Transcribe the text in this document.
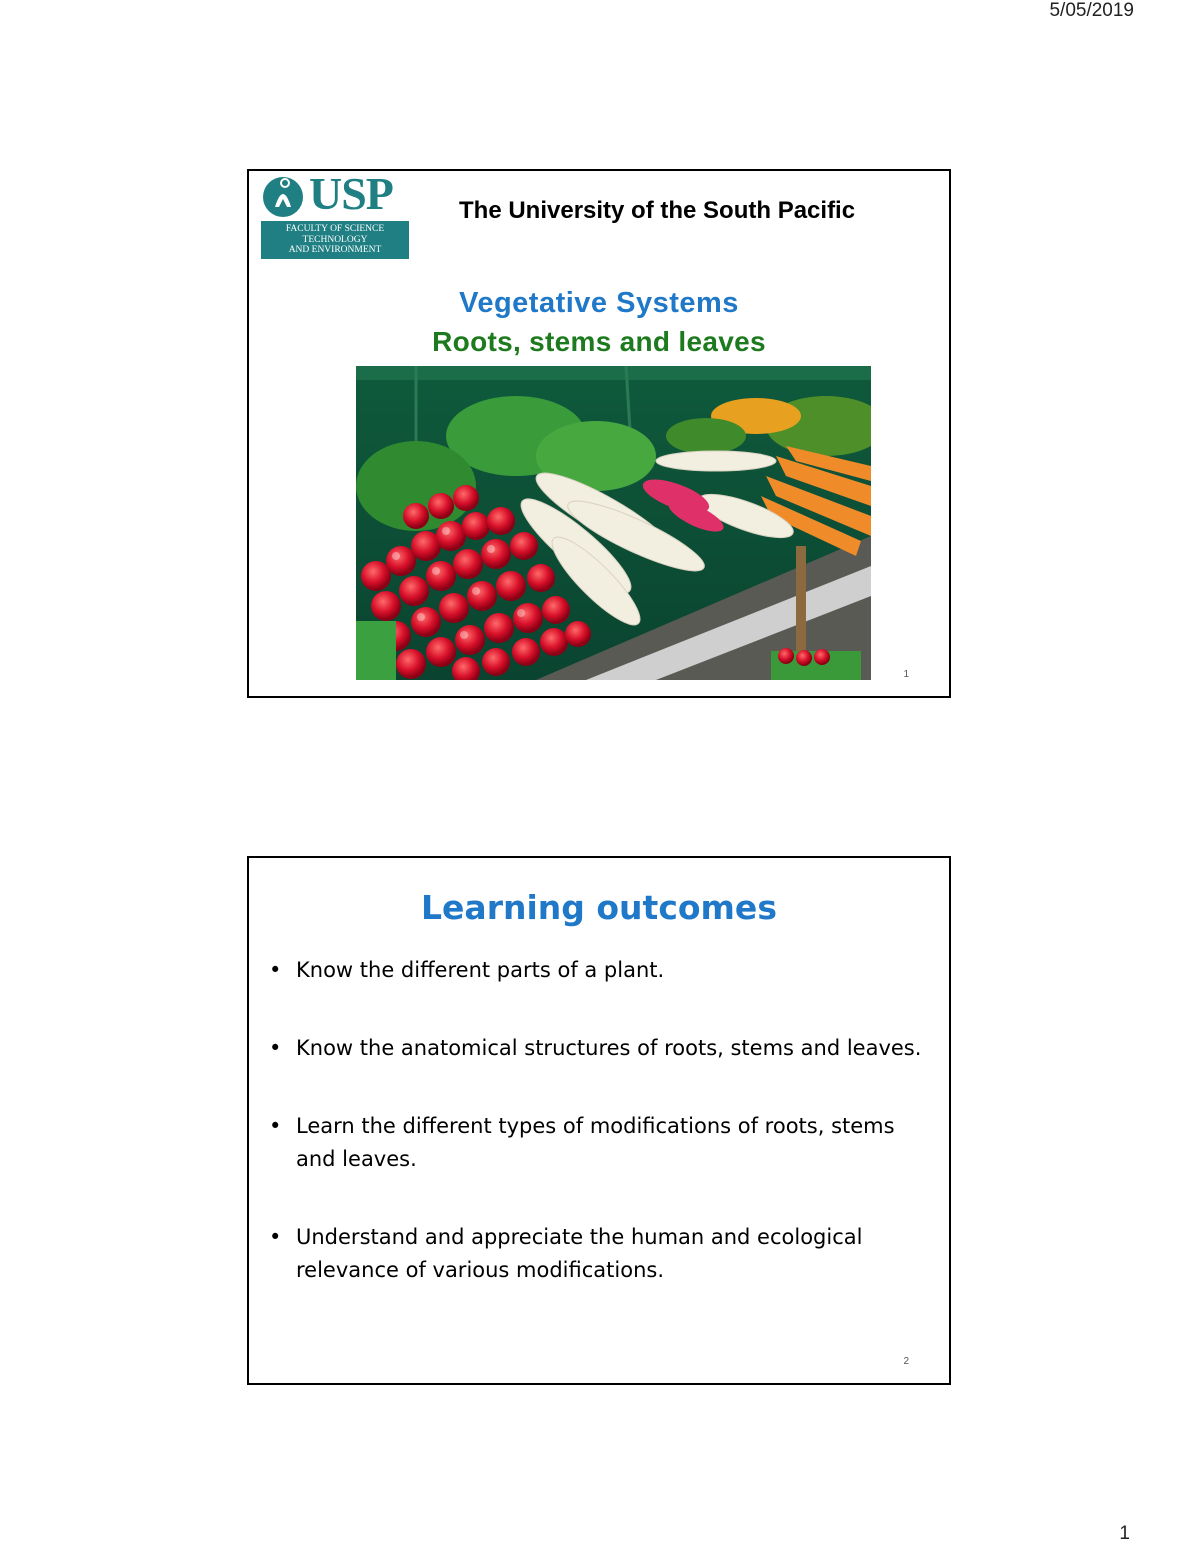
5/05/2019
USP
FACULTY OF SCIENCE
TECHNOLOGY
AND ENVIRONMENT
The University of the South Pacific
Vegetative Systems
Roots, stems and leaves
1
Learning outcomes
• Know the different parts of a plant.
• Know the anatomical structures of roots, stems and leaves.
• Learn the different types of modifications of roots, stems and leaves.
• Understand and appreciate the human and ecological relevance of various modifications.
2
1
